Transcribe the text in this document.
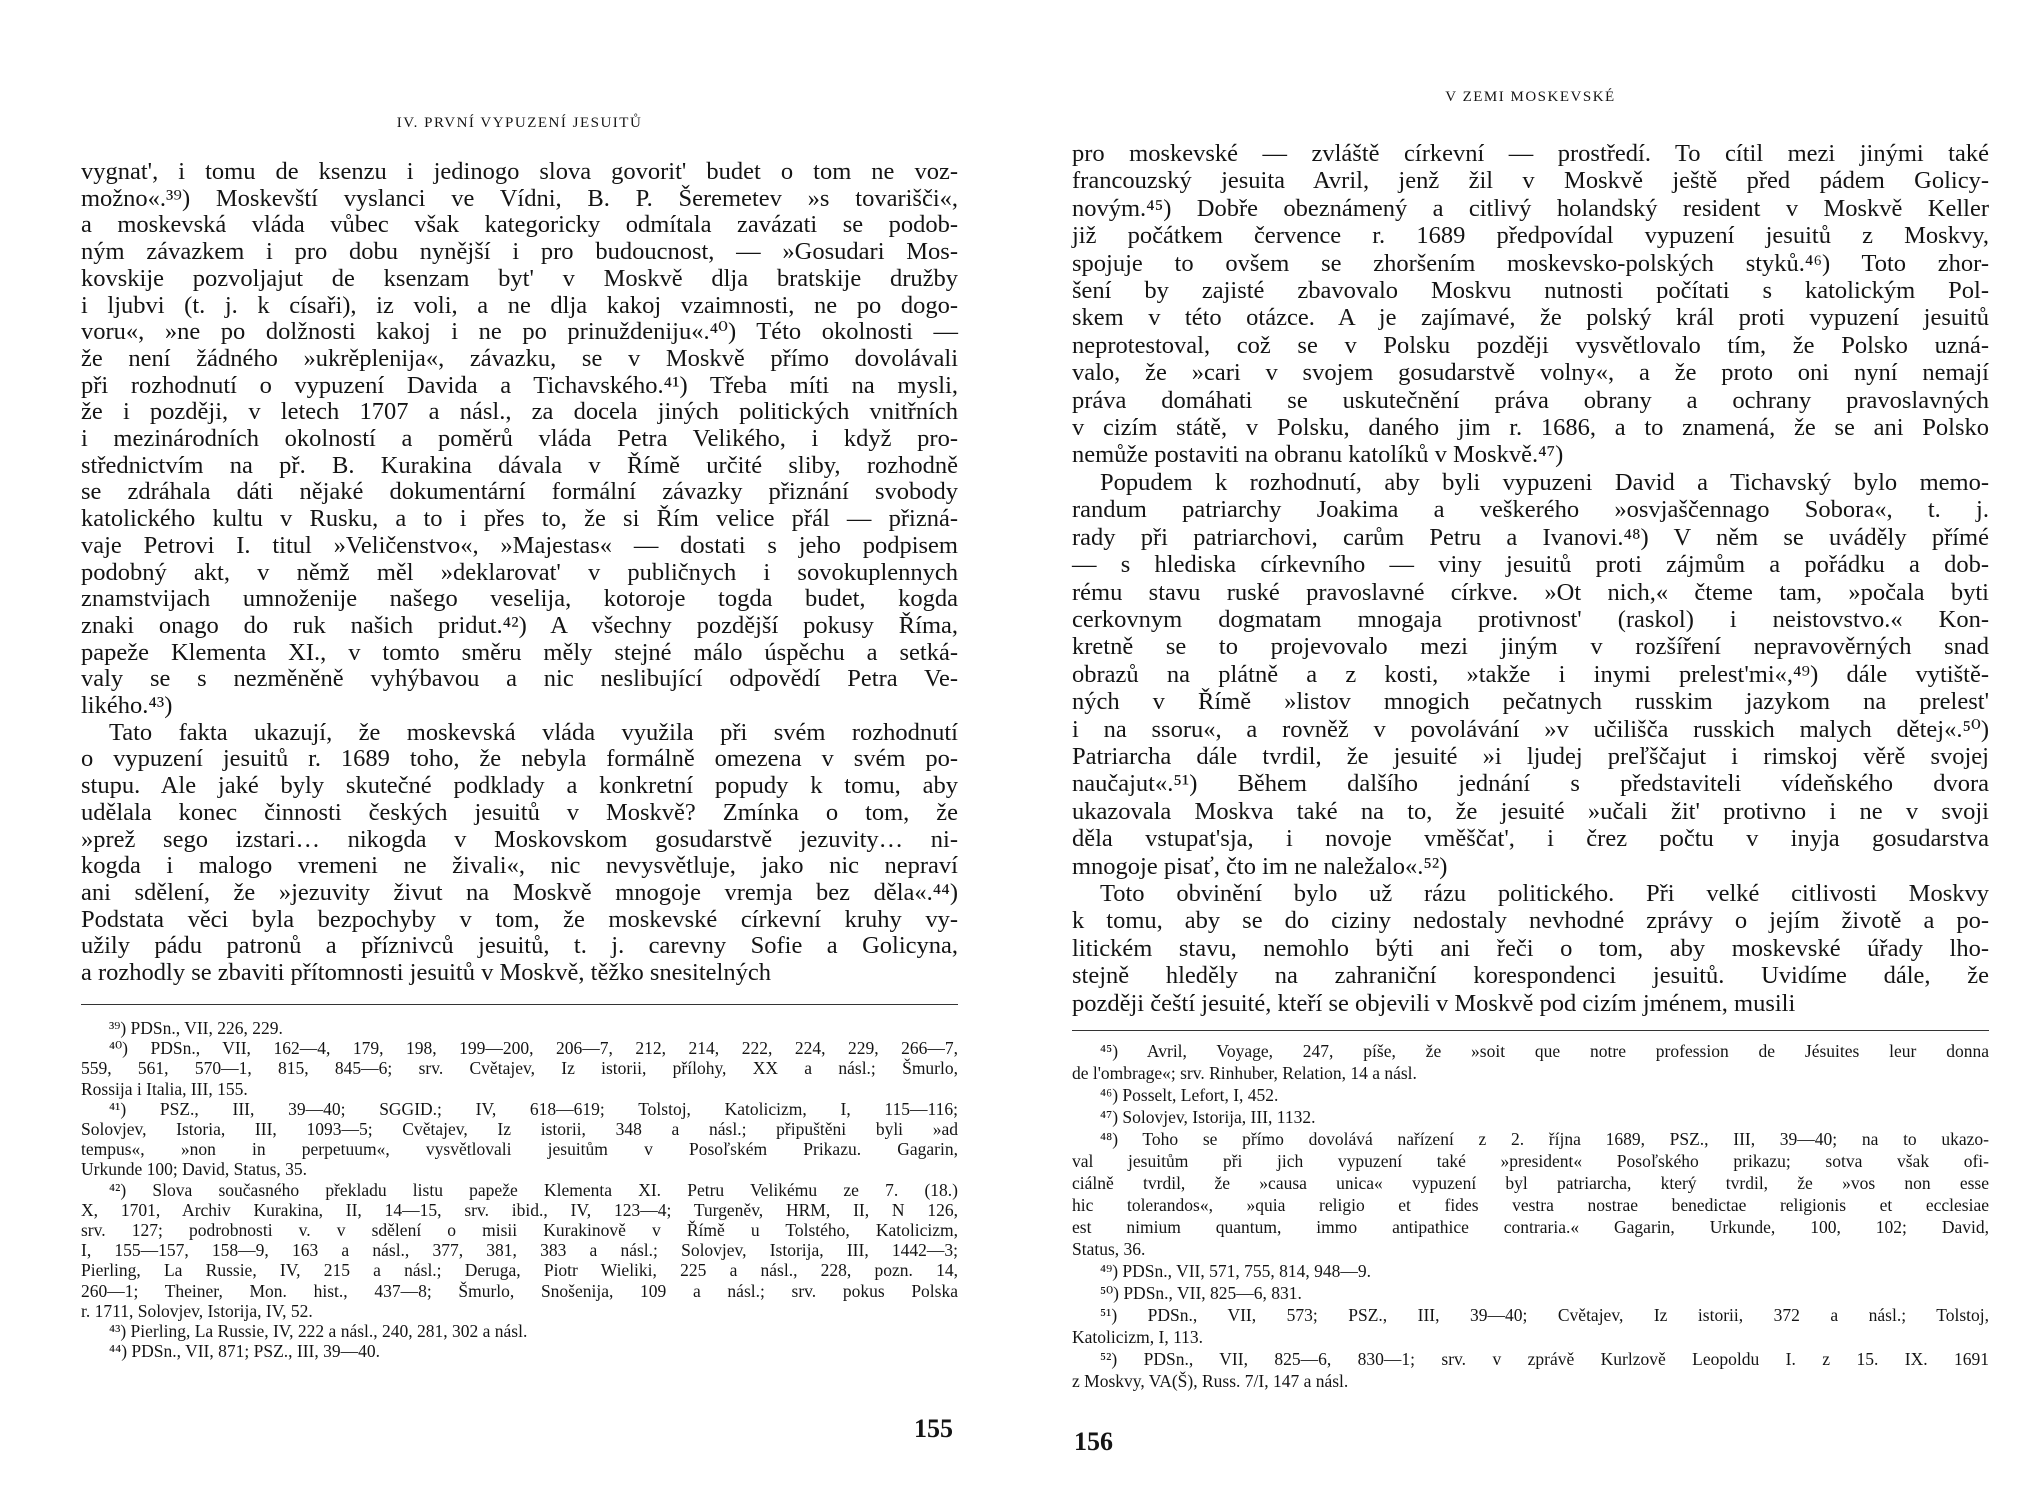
IV. PRVNÍ VYPUZENÍ JESUITŮ
vygnat', i tomu de ksenzu i jedinogo slova govorit' budet o tom ne voz-
možno«.³⁹) Moskevští vyslanci ve Vídni, B. P. Šeremetev »s tovarišči«,
a moskevská vláda vůbec však kategoricky odmítala zavázati se podob-
ným závazkem i pro dobu nynější i pro budoucnost, — »Gosudari Mos-
kovskije pozvoljajut de ksenzam byt' v Moskvě dlja bratskije družby
i ljubvi (t. j. k císaři), iz voli, a ne dlja kakoj vzaimnosti, ne po dogo-
voru«, »ne po dolžnosti kakoj i ne po prinuždeniju«.⁴⁰) Této okolnosti —
že není žádného »ukrěplenija«, závazku, se v Moskvě přímo dovolávali
při rozhodnutí o vypuzení Davida a Tichavského.⁴¹) Třeba míti na mysli,
že i později, v letech 1707 a násl., za docela jiných politických vnitřních
i mezinárodních okolností a poměrů vláda Petra Velikého, i když pro-
střednictvím na př. B. Kurakina dávala v Římě určité sliby, rozhodně
se zdráhala dáti nějaké dokumentární formální závazky přiznání svobody
katolického kultu v Rusku, a to i přes to, že si Řím velice přál — přizná-
vaje Petrovi I. titul »Veličenstvo«, »Majestas« — dostati s jeho podpisem
podobný akt, v němž měl »deklarovat' v publičnych i sovokuplennych
znamstvijach umnoženije našego veselija, kotoroje togda budet, kogda
znaki onago do ruk našich pridut.⁴²) A všechny pozdější pokusy Říma,
papeže Klementa XI., v tomto směru měly stejné málo úspěchu a setká-
valy se s nezměněně vyhýbavou a nic neslibující odpovědí Petra Ve-
likého.⁴³)
Tato fakta ukazují, že moskevská vláda využila při svém rozhodnutí
o vypuzení jesuitů r. 1689 toho, že nebyla formálně omezena v svém po-
stupu. Ale jaké byly skutečné podklady a konkretní popudy k tomu, aby
udělala konec činnosti českých jesuitů v Moskvě? Zmínka o tom, že
»prež sego izstari… nikogda v Moskovskom gosudarstvě jezuvity… ni-
kogda i malogo vremeni ne živali«, nic nevysvětluje, jako nic nepraví
ani sdělení, že »jezuvity živut na Moskvě mnogoje vremja bez děla«.⁴⁴)
Podstata věci byla bezpochyby v tom, že moskevské církevní kruhy vy-
užily pádu patronů a příznivců jesuitů, t. j. carevny Sofie a Golicyna,
a rozhodly se zbaviti přítomnosti jesuitů v Moskvě, těžko snesitelných
³⁹) PDSn., VII, 226, 229.
⁴⁰) PDSn., VII, 162—4, 179, 198, 199—200, 206—7, 212, 214, 222, 224, 229, 266—7,
559, 561, 570—1, 815, 845—6; srv. Cvětajev, Iz istorii, přílohy, XX a násl.; Šmurlo,
Rossija i Italia, III, 155.
⁴¹) PSZ., III, 39—40; SGGID.; IV, 618—619; Tolstoj, Katolicizm, I, 115—116;
Solovjev, Istoria, III, 1093—5; Cvětajev, Iz istorii, 348 a násl.; připuštěni byli »ad
tempus«, »non in perpetuum«, vysvětlovali jesuitům v Posoľském Prikazu. Gagarin,
Urkunde 100; David, Status, 35.
⁴²) Slova současného překladu listu papeže Klementa XI. Petru Velikému ze 7. (18.)
X, 1701, Archiv Kurakina, II, 14—15, srv. ibid., IV, 123—4; Turgeněv, HRM, II, N 126,
srv. 127; podrobnosti v. v sdělení o misii Kurakinově v Římě u Tolstého, Katolicizm,
I, 155—157, 158—9, 163 a násl., 377, 381, 383 a násl.; Solovjev, Istorija, III, 1442—3;
Pierling, La Russie, IV, 215 a násl.; Deruga, Piotr Wieliki, 225 a násl., 228, pozn. 14,
260—1; Theiner, Mon. hist., 437—8; Šmurlo, Snošenija, 109 a násl.; srv. pokus Polska
r. 1711, Solovjev, Istorija, IV, 52.
⁴³) Pierling, La Russie, IV, 222 a násl., 240, 281, 302 a násl.
⁴⁴) PDSn., VII, 871; PSZ., III, 39—40.
155
V ZEMI MOSKEVSKÉ
pro moskevské — zvláště církevní — prostředí. To cítil mezi jinými také
francouzský jesuita Avril, jenž žil v Moskvě ještě před pádem Golicy-
novým.⁴⁵) Dobře obeznámený a citlivý holandský resident v Moskvě Keller
již počátkem července r. 1689 předpovídal vypuzení jesuitů z Moskvy,
spojuje to ovšem se zhoršením moskevsko-polských styků.⁴⁶) Toto zhor-
šení by zajisté zbavovalo Moskvu nutnosti počítati s katolickým Pol-
skem v této otázce. A je zajímavé, že polský král proti vypuzení jesuitů
neprotestoval, což se v Polsku později vysvětlovalo tím, že Polsko uzná-
valo, že »cari v svojem gosudarstvě volny«, a že proto oni nyní nemají
práva domáhati se uskutečnění práva obrany a ochrany pravoslavných
v cizím státě, v Polsku, daného jim r. 1686, a to znamená, že se ani Polsko
nemůže postaviti na obranu katolíků v Moskvě.⁴⁷)
Popudem k rozhodnutí, aby byli vypuzeni David a Tichavský bylo memo-
randum patriarchy Joakima a veškerého »osvjaščennago Sobora«, t. j.
rady při patriarchovi, carům Petru a Ivanovi.⁴⁸) V něm se uváděly přímé
— s hlediska církevního — viny jesuitů proti zájmům a pořádku a dob-
rému stavu ruské pravoslavné církve. »Ot nich,« čteme tam, »počala byti
cerkovnym dogmatam mnogaja protivnost' (raskol) i neistovstvo.« Kon-
kretně se to projevovalo mezi jiným v rozšíření nepravověrných snad
obrazů na plátně a z kosti, »takže i inymi prelest'mi«,⁴⁹) dále vytiště-
ných v Římě »listov mnogich pečatnych russkim jazykom na prelest'
i na ssoru«, a rovněž v povolávání »v učilišča russkich malych dětej«.⁵⁰)
Patriarcha dále tvrdil, že jesuité »i ljudej preľščajut i rimskoj věrě svojej
naučajut«.⁵¹) Během dalšího jednání s představiteli vídeňského dvora
ukazovala Moskva také na to, že jesuité »učali žit' protivno i ne v svoji
děla vstupat'sja, i novoje vměščat', i črez počtu v inyja gosudarstva
mnogoje pisať, čto im ne naležalo«.⁵²)
Toto obvinění bylo už rázu politického. Při velké citlivosti Moskvy
k tomu, aby se do ciziny nedostaly nevhodné zprávy o jejím životě a po-
litickém stavu, nemohlo býti ani řeči o tom, aby moskevské úřady lho-
stejně hleděly na zahraniční korespondenci jesuitů. Uvidíme dále, že
později čeští jesuité, kteří se objevili v Moskvě pod cizím jménem, musili
⁴⁵) Avril, Voyage, 247, píše, že »soit que notre profession de Jésuites leur donna
de l'ombrage«; srv. Rinhuber, Relation, 14 a násl.
⁴⁶) Posselt, Lefort, I, 452.
⁴⁷) Solovjev, Istorija, III, 1132.
⁴⁸) Toho se přímo dovolává nařízení z 2. října 1689, PSZ., III, 39—40; na to ukazo-
val jesuitům při jich vypuzení také »president« Posoľského prikazu; sotva však ofi-
ciálně tvrdil, že »causa unica« vypuzení byl patriarcha, který tvrdil, že »vos non esse
hic tolerandos«, »quia religio et fides vestra nostrae benedictae religionis et ecclesiae
est nimium quantum, immo antipathice contraria.« Gagarin, Urkunde, 100, 102; David,
Status, 36.
⁴⁹) PDSn., VII, 571, 755, 814, 948—9.
⁵⁰) PDSn., VII, 825—6, 831.
⁵¹) PDSn., VII, 573; PSZ., III, 39—40; Cvětajev, Iz istorii, 372 a násl.; Tolstoj,
Katolicizm, I, 113.
⁵²) PDSn., VII, 825—6, 830—1; srv. v zprávě Kurlzově Leopoldu I. z 15. IX. 1691
z Moskvy, VA(Š), Russ. 7/I, 147 a násl.
156
